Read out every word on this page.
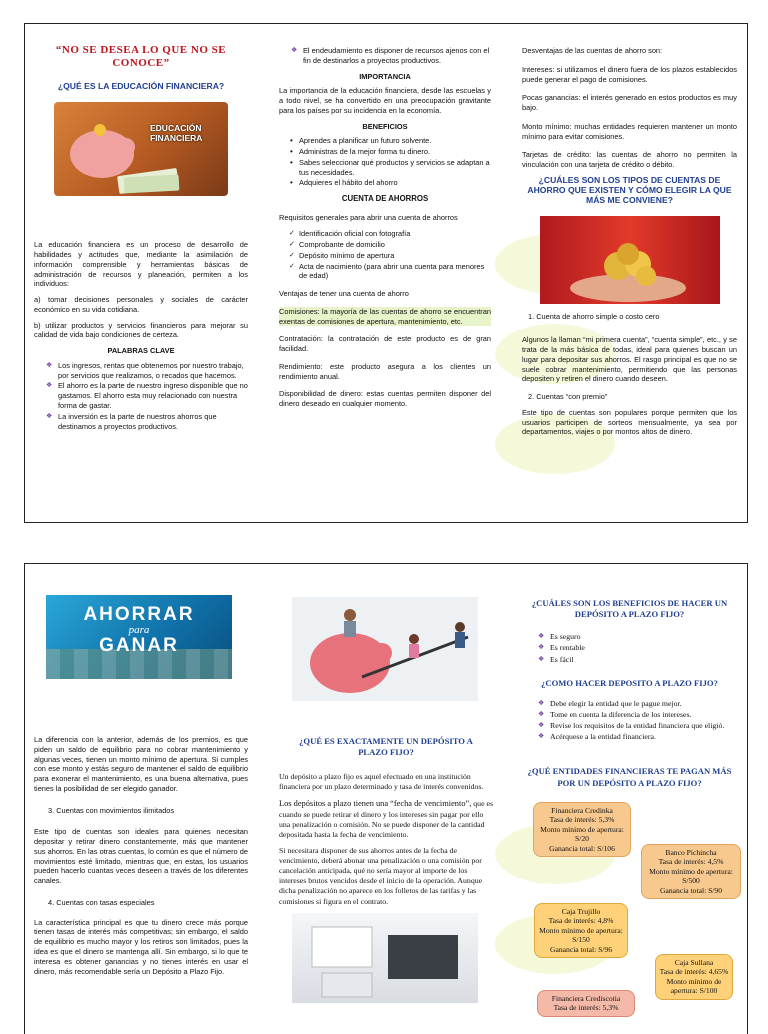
“NO SE DESEA LO QUE NO SE CONOCE”
¿QUÉ ES LA EDUCACIÓN FINANCIERA?
EDUCACIÓN FINANCIERA

La educación financiera es un proceso de desarrollo de habilidades y actitudes que, mediante la asimilación de información comprensible y herramientas básicas de administración de recursos y planeación, permiten a los individuos:

a) tomar decisiones personales y sociales de carácter económico en su vida cotidiana.

b) utilizar productos y servicios financieros para mejorar su calidad de vida bajo condiciones de certeza.

PALABRAS CLAVE
❖ Los ingresos, rentas que obtenemos por nuestro trabajo, por servicios que realizamos, o recados que hacemos.
❖ El ahorro es la parte de nuestro ingreso disponible que no gastamos. El ahorro esta muy relacionado con nuestra forma de gastar.
❖ La inversión es la parte de nuestros ahorros que destinamos a proyectos productivos.
❖ El endeudamiento es disponer de recursos ajenos con el fin de destinarlos a proyectos productivos.
IMPORTANCIA

La importancia de la educación financiera, desde las escuelas y a todo nivel, se ha convertido en una preocupación gravitante para los países por su incidencia en la economía.

BENEFICIOS
• Aprendes a planificar un futuro solvente.
• Administras de la mejor forma tu dinero.
• Sabes seleccionar qué productos y servicios se adaptan a tus necesidades.
• Adquieres el hábito del ahorro
CUENTA DE AHORROS

Requisitos generales para abrir una cuenta de ahorros

✓ Identificación oficial con fotografía
✓ Comprobante de domicilio
✓ Depósito mínimo de apertura
✓ Acta de nacimiento (para abrir una cuenta para menores de edad)

Ventajas de tener una cuenta de ahorro

Comisiones: la mayoría de las cuentas de ahorro se encuentran exentas de comisiones de apertura, mantenimiento, etc.

Contratación: la contratación de este producto es de gran facilidad.

Rendimiento: este producto asegura a los clientes un rendimiento anual.

Disponibilidad de dinero: estas cuentas permiten disponer del dinero deseado en cualquier momento.

Desventajas de las cuentas de ahorro son:

Intereses: si utilizamos el dinero fuera de los plazos establecidos puede generar el pago de comisiones.

Pocas ganancias: el interés generado en estos productos es muy bajo.

Monto mínimo: muchas entidades requieren mantener un monto mínimo para evitar comisiones.

Tarjetas de crédito: las cuentas de ahorro no permiten la vinculación con una tarjeta de crédito o débito.

¿CUÁLES SON LOS TIPOS DE CUENTAS DE AHORRO QUE EXISTEN Y CÓMO ELEGIR LA QUE MÁS ME CONVIENE?

1. Cuenta de ahorro simple o costo cero

Algunos la llaman “mi primera cuenta”, “cuenta simple”, etc., y se trata de la más básica de todas, ideal para quienes buscan un lugar para depositar sus ahorros. El rasgo principal es que no se suele cobrar mantenimiento, permitiendo que las personas depositen y retiren el dinero cuando deseen.

2. Cuentas “con premio”

Este tipo de cuentas son populares porque permiten que los usuarios participen de sorteos mensualmente, ya sea por departamentos, viajes o por montos altos de dinero.

AHORRAR
para
GANAR

La diferencia con la anterior, además de los premios, es que piden un saldo de equilibrio para no cobrar mantenimiento y algunas veces, tienen un monto mínimo de apertura. Si cumples con ese monto y estás seguro de mantener el saldo de equilibrio para exonerar el mantenimiento, es una buena alternativa, pues tienes la posibilidad de ser elegido ganador.

3. Cuentas con movimientos ilimitados

Este tipo de cuentas son ideales para quienes necesitan depositar y retirar dinero constantemente, más que mantener sus ahorros. En las otras cuentas, lo común es que el número de movimientos esté limitado, mientras que, en estas, los usuarios pueden hacerlo cuantas veces deseen a través de los diferentes canales.

4. Cuentas con tasas especiales

La característica principal es que tu dinero crece más porque tienen tasas de interés más competitivas; sin embargo, el saldo de equilibrio es mucho mayor y los retiros son limitados, pues la idea es que el dinero se mantenga allí. Sin embargo, si lo que te interesa es obtener ganancias y no tienes interés en usar el dinero, más recomendable sería un Depósito a Plazo Fijo.

¿QUÉ ES EXACTAMENTE UN DEPÓSITO A PLAZO FIJO?

Un depósito a plazo fijo es aquel efectuado en una institución financiera por un plazo determinado y tasa de interés convenidos.

Los depósitos a plazo tienen una “fecha de vencimiento”, que es cuando se puede retirar el dinero y los intereses sin pagar por ello una penalización o comisión. No se puede disponer de la cantidad depositada hasta la fecha de vencimiento.

Si necesitara disponer de sus ahorros antes de la fecha de vencimiento, deberá abonar una penalización o una comisión por cancelación anticipada, qué no sería mayor al importe de los intereses brutos vencidos desde el inicio de la operación. Aunque dicha penalización no aparece en los folletos de las tarifas y las comisiones si figura en el contrato.

¿CUÁLES SON LOS BENEFICIOS DE HACER UN DEPÓSITO A PLAZO FIJO?
❖ Es seguro
❖ Es rentable
❖ Es fácil
¿COMO HACER DEPOSITO A PLAZO FIJO?
❖ Debe elegir la entidad que le pague mejor.
❖ Tome en cuenta la diferencia de los intereses.
❖ Revise los requisitos de la entidad financiera que eligió.
❖ Acérquese a la entidad financiera.
¿QUÉ ENTIDADES FINANCIERAS TE PAGAN MÁS POR UN DEPÓSITO A PLAZO FIJO?
Financiera Credinka
Tasa de interés: 5,3%
Monto mínimo de apertura: S/20
Ganancia total: S/106	Banco Pichincha
Tasa de interés: 4,5%
Monto mínimo de apertura: S/500
Ganancia total: S/90
Caja Trujillo
Tasa de interés: 4,8%
Monto mínimo de apertura: S/150
Ganancia total: S/96
Caja Sullana
Tasa de interés: 4,65%
Monto mínimo de apertura: S/100
Financiera Crediscotia
Tasa de interés: 5,3%
